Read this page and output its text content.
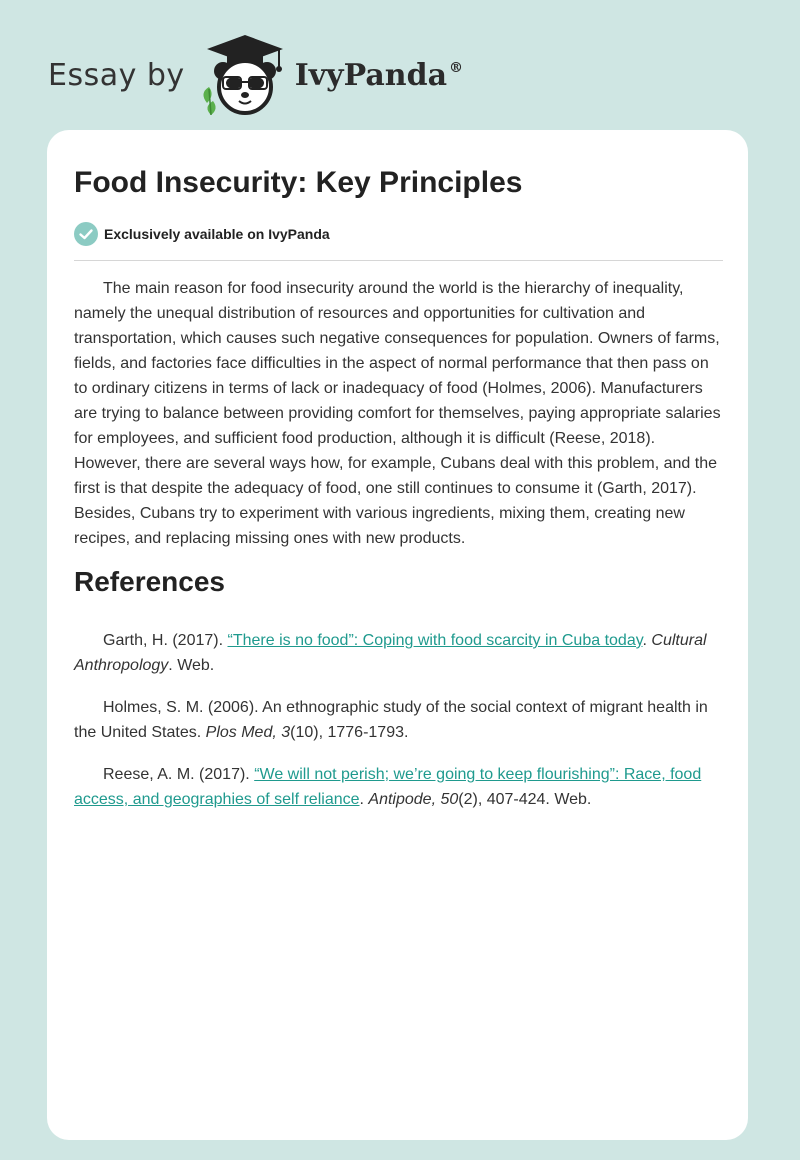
Essay by	IvyPanda ®
Food Insecurity: Key Principles
Exclusively available on IvyPanda

The main reason for food insecurity around the world is the hierarchy of inequality, namely the unequal distribution of resources and opportunities for cultivation and transportation, which causes such negative consequences for population. Owners of farms, fields, and factories face difficulties in the aspect of normal performance that then pass on to ordinary citizens in terms of lack or inadequacy of food (Holmes, 2006). Manufacturers are trying to balance between providing comfort for themselves, paying appropriate salaries for employees, and sufficient food production, although it is difficult (Reese, 2018). However, there are several ways how, for example, Cubans deal with this problem, and the first is that despite the adequacy of food, one still continues to consume it (Garth, 2017). Besides, Cubans try to experiment with various ingredients, mixing them, creating new recipes, and replacing missing ones with new products.

References

Garth, H. (2017). “There is no food”: Coping with food scarcity in Cuba today. Cultural Anthropology. Web.

Holmes, S. M. (2006). An ethnographic study of the social context of migrant health in the United States. Plos Med, 3(10), 1776-1793.

Reese, A. M. (2017). “We will not perish; we’re going to keep flourishing”: Race, food access, and geographies of self reliance. Antipode, 50(2), 407-424. Web.
